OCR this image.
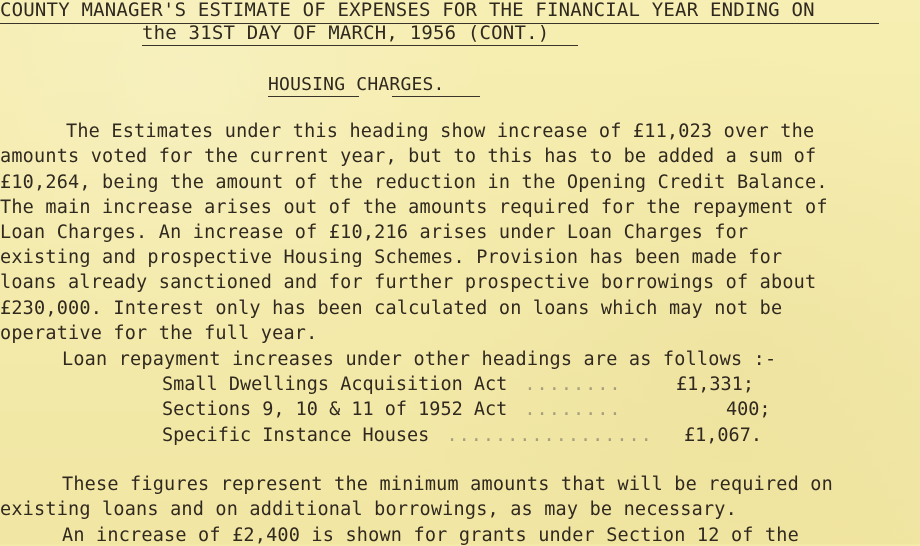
COUNTY MANAGER'S ESTIMATE OF EXPENSES FOR THE FINANCIAL YEAR ENDING ON
the 31ST DAY OF MARCH, 1956 (CONT.)
HOUSING CHARGES.
The Estimates under this heading show increase of £11,023 over the
amounts voted for the current year, but to this has to be added a sum of
£10,264, being the amount of the reduction in the Opening Credit Balance.
The main increase arises out of the amounts required for the repayment of
Loan Charges. An increase of £10,216 arises under Loan Charges for
existing and prospective Housing Schemes. Provision has been made for
loans already sanctioned and for further prospective borrowings of about
£230,000. Interest only has been calculated on loans which may not be
operative for the full year.
Loan repayment increases under other headings are as follows :-
Small Dwellings Acquisition Act ........	£1,331;
Sections 9, 10 & 11 of 1952 Act ........	400;
Specific Instance Houses ................. £1,067.
These figures represent the minimum amounts that will be required on
existing loans and on additional borrowings, as may be necessary.
An increase of £2,400 is shown for grants under Section 12 of the
